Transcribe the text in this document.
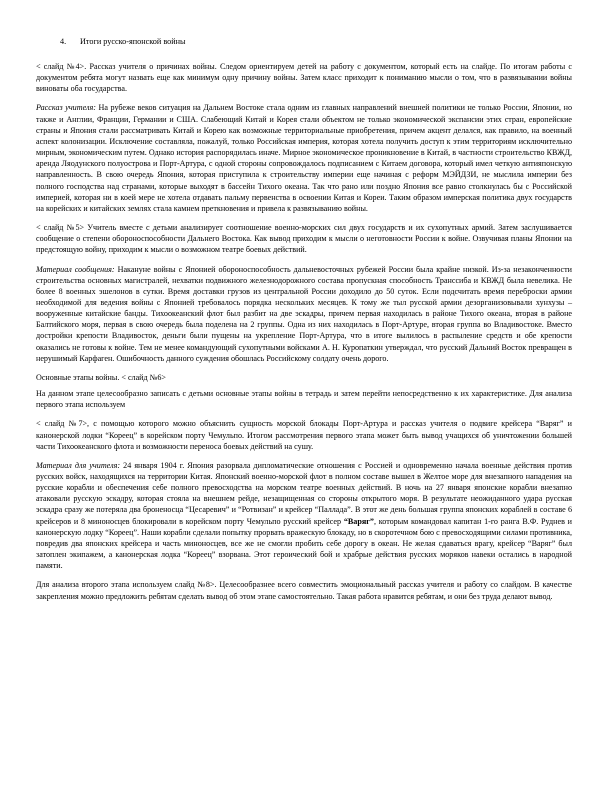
4. Итоги русско-японской войны

< слайд №4>. Рассказ учителя о причинах войны. Следом ориентируем детей на работу с документом, который есть на слайде. По итогам работы с документом ребята могут назвать еще как минимум одну причину войны. Затем класс приходит к пониманию мысли о том, что в развязывании войны виноваты оба государства.

Рассказ учителя: На рубеже веков ситуация на Дальнем Востоке стала одним из главных направлений внешней политики не только России, Японии, но также и Англии, Франции, Германии и США. Слабеющий Китай и Корея стали объектом не только экономической экспансии этих стран, европейские страны и Япония стали рассматривать Китай и Корею как возможные территориальные приобретения, причем акцент делался, как правило, на военный аспект колонизации. Исключение составляла, пожалуй, только Российская империя, которая хотела получить доступ к этим территориям исключительно мирным, экономическим путем. Однако история распорядилась иначе. Мирное экономическое проникновение в Китай, в частности строительство КВЖД, аренда Ляодунского полуострова и Порт-Артура, с одной стороны сопровождалось подписанием с Китаем договора, который имел четкую антияпонскую направленность. В свою очередь Япония, которая приступила к строительству империи еще начиная с реформ МЭЙДЗИ, не мыслила империи без полного господства над странами, которые выходят в бассейн Тихого океана. Так что рано или поздно Япония все равно столкнулась бы с Российской империей, которая ни в коей мере не хотела отдавать пальму первенства в освоении Китая и Кореи. Таким образом имперская политика двух государств на корейских и китайских землях стала камнем преткновения и привела к развязыванию войны.

< слайд №5> Учитель вместе с детьми анализирует соотношение военно-морских сил двух государств и их сухопутных армий. Затем заслушивается сообщение о степени обороноспособности Дальнего Востока. Как вывод приходим к мысли о неготовности России к войне. Озвучивая планы Японии на предстоящую войну, приходим к мысли о возможном театре боевых действий.

Материал сообщения: Накануне войны с Японией обороноспособность дальневосточных рубежей России была крайне низкой. Из-за незаконченности строительства основных магистралей, нехватки подвижного железнодорожного состава пропускная способность Транссиба и КВЖД была невелика. Не более 8 военных эшелонов в сутки. Время доставки грузов из центральной России доходило до 50 суток. Если подсчитать время переброски армии необходимой для ведения войны с Японией требовалось порядка нескольких месяцев. К тому же тыл русской армии дезорганизовывали хунхузы – вооруженные китайские банды. Тихоокеанский флот был разбит на две эскадры, причем первая находилась в районе Тихого океана, вторая в районе Балтийского моря, первая в свою очередь была поделена на 2 группы. Одна из них находилась в Порт-Артуре, вторая группа во Владивостоке. Вместо достройки крепости Владивосток, деньги были пущены на укрепление Порт-Артура, что в итоге вылилось в распыление средств и обе крепости оказались не готовы к войне. Тем не менее командующий сухопутными войсками А. Н. Куропаткин утверждал, что русский Дальний Восток превращен в нерушимый Карфаген. Ошибочность данного суждения обошлась Российскому солдату очень дорого.

Основные этапы войны. < слайд №6>

На данном этапе целесообразно записать с детьми основные этапы войны в тетрадь и затем перейти непосредственно к их характеристике. Для анализа первого этапа используем

< слайд №7>, с помощью которого можно объяснить сущность морской блокады Порт-Артура и рассказ учителя о подвиге крейсера “Варяг” и канонерской лодки “Кореец” в корейском порту Чемульпо. Итогом рассмотрения первого этапа может быть вывод учащихся об уничтожении большей части Тихоокеанского флота и возможности переноса боевых действий на сушу.

Материал для учителя: 24 января 1904 г. Япония разорвала дипломатические отношения с Россией и одновременно начала военные действия против русских войск, находящихся на территории Китая. Японский военно-морской флот в полном составе вышел в Желтое море для внезапного нападения на русские корабли и обеспечения себе полного превосходства на морском театре военных действий. В ночь на 27 января японские корабли внезапно атаковали русскую эскадру, которая стояла на внешнем рейде, незащищенная со стороны открытого моря. В результате неожиданного удара русская эскадра сразу же потеряла два броненосца “Цесаревич” и “Ротвизан” и крейсер “Паллада”. В этот же день большая группа японских кораблей в составе 6 крейсеров и 8 миноносцев блокировали в корейском порту Чемульпо русский крейсер “Варяг”, которым командовал капитан 1-го ранга В.Ф. Руднев и канонерскую лодку “Кореец”. Наши корабли сделали попытку прорвать вражескую блокаду, но в скоротечном бою с превосходящими силами противника, повредив два японских крейсера и часть миноносцев, все же не смогли пробить себе дорогу в океан. Не желая сдаваться врагу, крейсер “Варяг” был затоплен экипажем, а канонерская лодка “Кореец” взорвана. Этот героический бой и храбрые действия русских моряков навеки остались в народной памяти.

Для анализа второго этапа используем слайд №8>. Целесообразнее всего совместить эмоциональный рассказ учителя и работу со слайдом. В качестве закрепления можно предложить ребятам сделать вывод об этом этапе самостоятельно. Такая работа нравится ребятам, и они без труда делают вывод.
